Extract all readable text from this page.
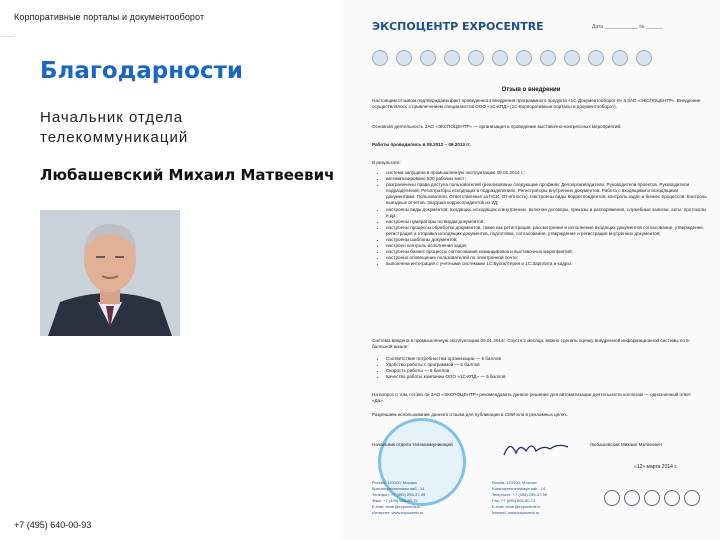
Корпоративные порталы и документооборот
Благодарности
Начальник отдела телекоммуникаций
Любашевский Михаил Матвеевич
+7 (495) 640-00-93
ЭКСПОЦЕНТР EXPOCENTRE	Дата ____________ № ______
Отзыв о внедрении
Настоящим отзывом подтверждаем факт проведенного внедрения программного продукта «1С-Документооборот 8» в ЗАО «ЭКСПОЦЕНТР». Внедрение осуществлялось с привлечением специалистов ООО «1С-КПД» (1С-Корпоративные порталы и документооборот).
Основная деятельность ЗАО «ЭКСПОЦЕНТР» — организация и проведение выставочно-конгрессных мероприятий.
Работы проводились в 08.2012 – 09.2013 гг.
В результате:
• система запущена в промышленную эксплуатацию 09.01.2014 г.;
• автоматизировано 530 рабочих мест;
• разграничены права доступа пользователей (реализованы следующие профили: Делопроизводители, Руководители проектов, Руководители подразделений, Регистраторы исходящих в подразделениях, Регистраторы внутренних документов. Работа с входящими и исходящими документами. Пользователи, Ответственные за НСИ. Отчетность). Настроены виды Корреспондентов, контроль задач и бизнес-процессов. Контроль выездных отчетов, Загрузка корреспондентов из УД;
• настроены виды документов: входящих, исходящих и внутренних, включая договоры, приказы и распоряжения, служебные записки, акты, протоколы и др.;
• настроены нумераторы по видам документов;
• настроены процессы обработки документов, такие как регистрация, рассмотрение и исполнение входящих документов согласование, утверждение, регистрация и отправка исходящих документов, подготовка, согласование, утверждение и регистрация внутренних документов;
• настроены шаблоны документов;
• настроен контроль исполнения задач;
• настроены бизнес-процессы согласования командировок и выставочных мероприятий;
• настроено оповещение пользователей по электронной почте;
• выполнена интеграция с учетными системами 1С:Бухгалтерия и 1С:Зарплата и кадры.
Система введена в промышленную эксплуатацию 09.01.2014г. Спустя 2 месяца, можно сделать оценку внедренной информационной системы по 5-балльной шкале:
• Соответствие потребностям организации — 5 баллов
• Удобство работы с программой — 5 баллов
• Скорость работы — 5 баллов
• Качество работы компании ООО «1С-КПД» — 5 баллов
На вопрос о том, готово ли ЗАО «ЭКСПОЦЕНТР» рекомендовать данное решение для автоматизации деятельности коллегам — однозначный ответ «Да».
Разрешаем использование данного отзыва для публикации в СМИ или в рекламных целях.
Начальник отдела телекоммуникаций	Любашевский Михаил Матвеевич
«12» марта 2014 г.
Россия, 123100, Москва
Краснопресненская наб., 14
Телефон: +7 (495) 255-37-99
Факс: +7 (495) 605-60-72
E-mail: centr@expocentr.ru
Интернет: www.expocentr.ru
Russia, 123100, Moscow
Krasnopresnenskaya nab., 14
Telephone: +7 (495) 255-37-99
Fax: +7 (495) 605-60-72
E-mail: centr@expocentr.ru
Internet: www.expocentr.ru
